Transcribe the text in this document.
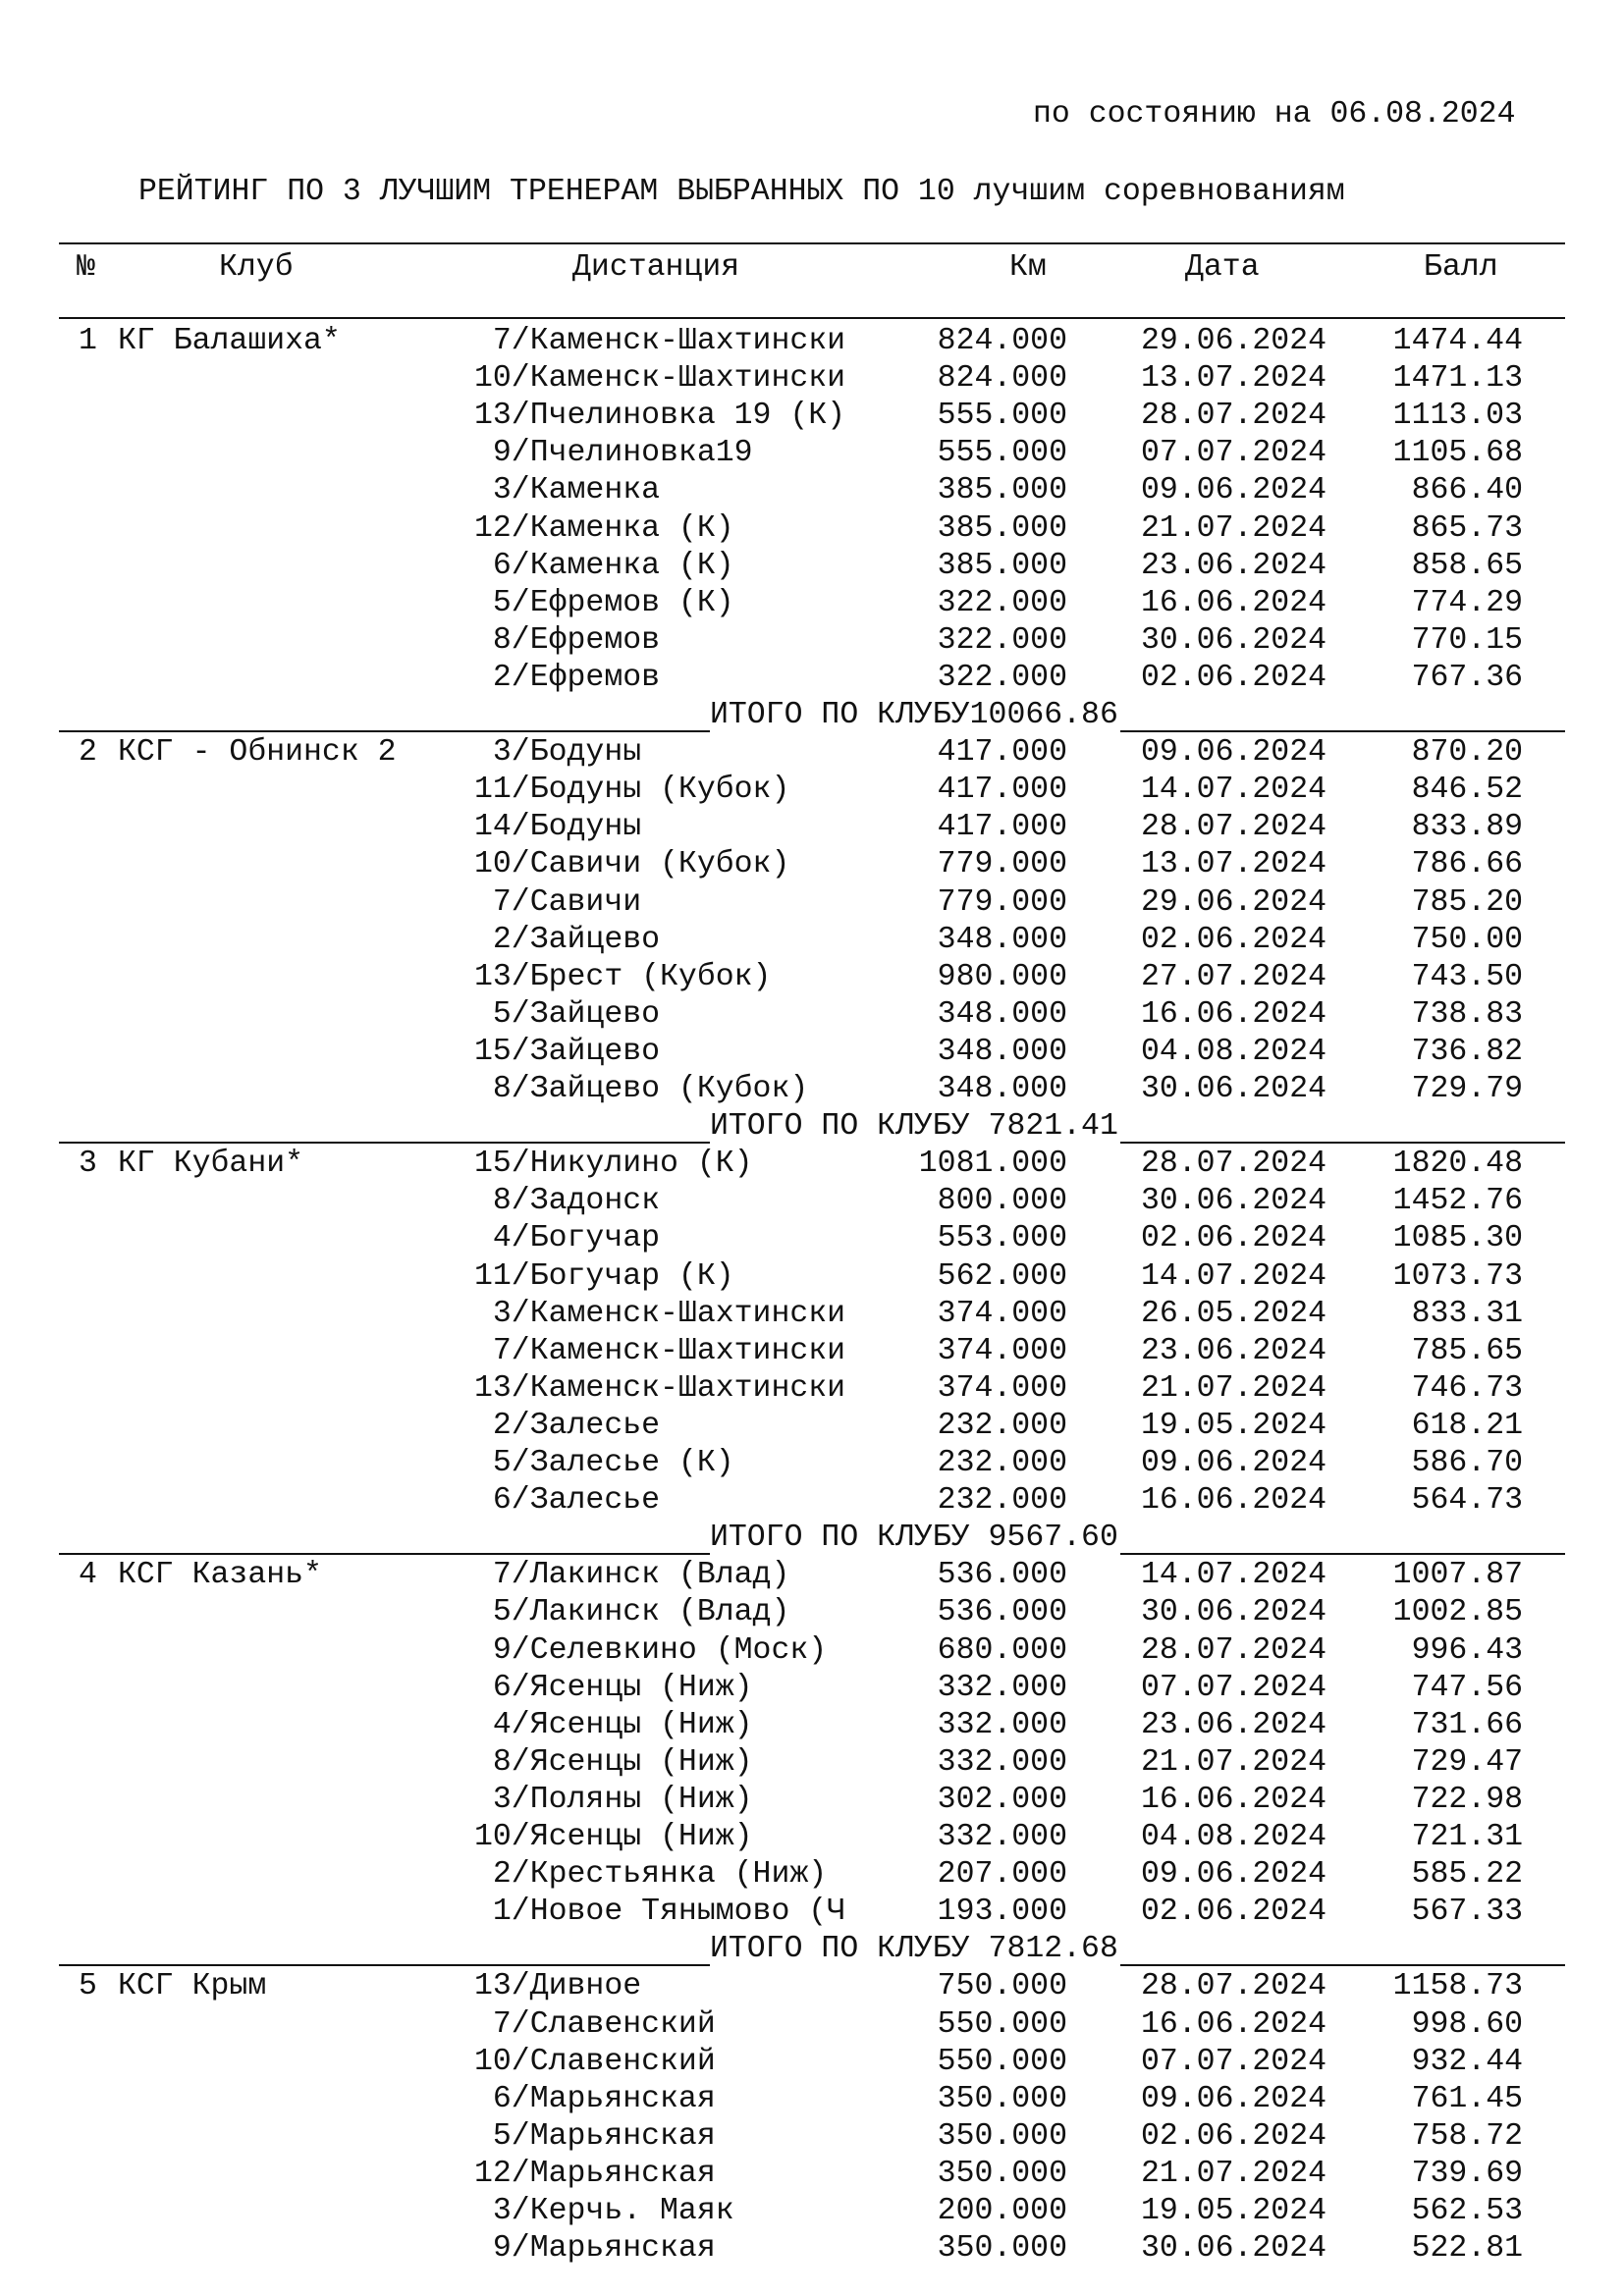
по состоянию на 06.08.2024
РЕЙТИНГ ПО 3 ЛУЧШИМ ТРЕНЕРАМ ВЫБРАННЫХ ПО 10 лучшим соревнованиям
№	Клуб	Дистанция	Км	Дата	Балл
1 КГ Балашиха*	7/Каменск-Шахтински	824.000 29.06.2024 1474.44
10/Каменск-Шахтински	824.000 13.07.2024 1471.13
13/Пчелиновка 19 (К)	555.000 28.07.2024 1113.03
9/Пчелиновка19	555.000 07.07.2024 1105.68
3/Каменка	385.000 09.06.2024	866.40
12/Каменка (К)	385.000 21.07.2024	865.73
6/Каменка (К)	385.000 23.06.2024	858.65
5/Ефремов (К)	322.000 16.06.2024	774.29
8/Ефремов	322.000 30.06.2024	770.15
2/Ефремов	322.000 02.06.2024	767.36
ИТОГО ПО КЛУБУ10066.86
2 КСГ - Обнинск 2	3/Бодуны	417.000 09.06.2024	870.20
11/Бодуны (Кубок)	417.000 14.07.2024	846.52
14/Бодуны	417.000 28.07.2024	833.89
10/Савичи (Кубок)	779.000 13.07.2024	786.66
7/Савичи	779.000 29.06.2024	785.20
2/Зайцево	348.000 02.06.2024	750.00
13/Брест (Кубок)	980.000 27.07.2024	743.50
5/Зайцево	348.000 16.06.2024	738.83
15/Зайцево	348.000 04.08.2024	736.82
8/Зайцево (Кубок)	348.000 30.06.2024	729.79
ИТОГО ПО КЛУБУ 7821.41
3 КГ Кубани*	15/Никулино (К)	1081.000 28.07.2024 1820.48
8/Задонск	800.000 30.06.2024 1452.76
4/Богучар	553.000 02.06.2024 1085.30
11/Богучар (К)	562.000 14.07.2024 1073.73
3/Каменск-Шахтински	374.000 26.05.2024	833.31
7/Каменск-Шахтински	374.000 23.06.2024	785.65
13/Каменск-Шахтински	374.000 21.07.2024	746.73
2/Залесье	232.000 19.05.2024	618.21
5/Залесье (К)	232.000 09.06.2024	586.70
6/Залесье	232.000 16.06.2024	564.73
ИТОГО ПО КЛУБУ 9567.60
4 КСГ Казань*	7/Лакинск (Влад)	536.000 14.07.2024 1007.87
5/Лакинск (Влад)	536.000 30.06.2024 1002.85
9/Селевкино (Моск)	680.000 28.07.2024	996.43
6/Ясенцы (Ниж)	332.000 07.07.2024	747.56
4/Ясенцы (Ниж)	332.000 23.06.2024	731.66
8/Ясенцы (Ниж)	332.000 21.07.2024	729.47
3/Поляны (Ниж)	302.000 16.06.2024	722.98
10/Ясенцы (Ниж)	332.000 04.08.2024	721.31
2/Крестьянка (Ниж)	207.000 09.06.2024	585.22
1/Новое Тянымово (Ч	193.000 02.06.2024	567.33
ИТОГО ПО КЛУБУ 7812.68
5 КСГ Крым	13/Дивное	750.000 28.07.2024 1158.73
7/Славенский	550.000 16.06.2024	998.60
10/Славенский	550.000 07.07.2024	932.44
6/Марьянская	350.000 09.06.2024	761.45
5/Марьянская	350.000 02.06.2024	758.72
12/Марьянская	350.000 21.07.2024	739.69
3/Керчь. Маяк	200.000 19.05.2024	562.53
9/Марьянская	350.000 30.06.2024	522.81
